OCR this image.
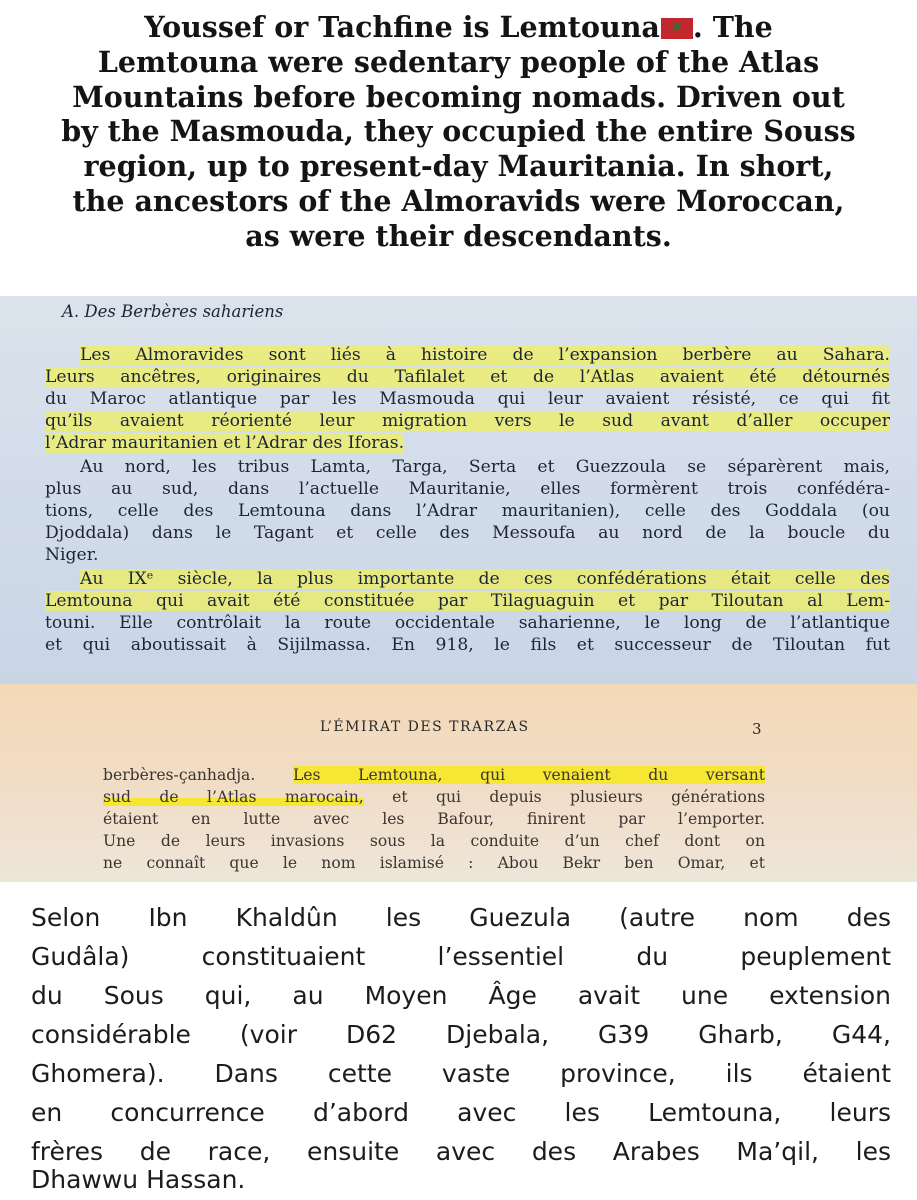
Youssef or Tachfine is Lemtouna★ . The
Lemtouna were sedentary people of the Atlas
Mountains before becoming nomads. Driven out
by the Masmouda, they occupied the entire Souss
region, up to present-day Mauritania. In short,
the ancestors of the Almoravids were Moroccan,
as were their descendants.
A. Des Berbères sahariens
Les Almoravides sont liés à histoire de l’expansion berbère au Sahara.
Leurs ancêtres, originaires du Tafilalet et de l’Atlas avaient été détournés
du Maroc atlantique par les Masmouda qui leur avaient résisté, ce qui fit
qu’ils avaient réorienté leur migration vers le sud avant d’aller occuper
l’Adrar mauritanien et l’Adrar des Iforas.
Au nord, les tribus Lamta, Targa, Serta et Guezzoula se séparèrent mais,
plus au sud, dans l’actuelle Mauritanie, elles formèrent trois confédéra-
tions, celle des Lemtouna dans l’Adrar mauritanien), celle des Goddala (ou
Djoddala) dans le Tagant et celle des Messoufa au nord de la boucle du
Niger.
Au IXᵉ siècle, la plus importante de ces confédérations était celle des
Lemtouna qui avait été constituée par Tilaguaguin et par Tiloutan al Lem-
touni. Elle contrôlait la route occidentale saharienne, le long de l’atlantique
et qui aboutissait à Sijilmassa. En 918, le fils et successeur de Tiloutan fut
L’ÉMIRAT DES TRARZAS	3
berbères-çanhadja. Les Lemtouna, qui venaient du versant
sud de l’Atlas marocain, et qui depuis plusieurs générations
étaient en lutte avec les Bafour, finirent par l’emporter.
Une de leurs invasions sous la conduite d’un chef dont on
ne connaît que le nom islamisé : Abou Bekr ben Omar, et
Selon Ibn Khaldûn les Guezula (autre nom des
Gudâla) constituaient l’essentiel du peuplement
du Sous qui, au Moyen Âge avait une extension
considérable (voir D62 Djebala, G39 Gharb, G44,
Ghomera). Dans cette vaste province, ils étaient
en concurrence d’abord avec les Lemtouna, leurs
frères de race, ensuite avec des Arabes Ma’qil, les
Dhawwu Hassan.
